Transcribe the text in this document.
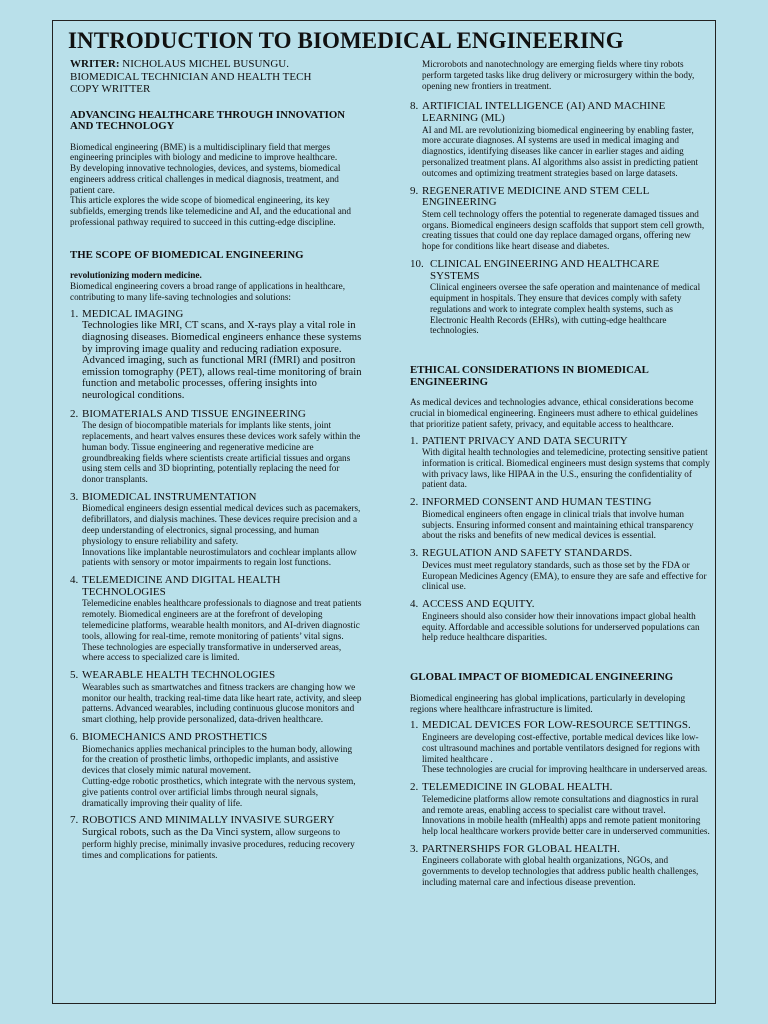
INTRODUCTION TO BIOMEDICAL ENGINEERING
WRITER: NICHOLAUS MICHEL BUSUNGU.
BIOMEDICAL TECHNICIAN AND HEALTH TECH
COPY WRITTER
ADVANCING HEALTHCARE THROUGH INNOVATION AND TECHNOLOGY

Biomedical engineering (BME) is a multidisciplinary field that merges engineering principles with biology and medicine to improve healthcare.

By developing innovative technologies, devices, and systems, biomedical engineers address critical challenges in medical diagnosis, treatment, and patient care.

This article explores the wide scope of biomedical engineering, its key subfields, emerging trends like telemedicine and AI, and the educational and professional pathway required to succeed in this cutting-edge discipline.

THE SCOPE OF BIOMEDICAL ENGINEERING

revolutionizing modern medicine.

Biomedical engineering covers a broad range of applications in healthcare, contributing to many life-saving technologies and solutions:

1. MEDICAL IMAGING
Technologies like MRI, CT scans, and X-rays play a vital role in diagnosing diseases. Biomedical engineers enhance these systems by improving image quality and reducing radiation exposure. Advanced imaging, such as functional MRI (fMRI) and positron emission tomography (PET), allows real-time monitoring of brain function and metabolic processes, offering insights into neurological conditions.
2. BIOMATERIALS AND TISSUE ENGINEERING
The design of biocompatible materials for implants like stents, joint replacements, and heart valves ensures these devices work safely within the human body. Tissue engineering and regenerative medicine are groundbreaking fields where scientists create artificial tissues and organs using stem cells and 3D bioprinting, potentially replacing the need for donor transplants.
3. BIOMEDICAL INSTRUMENTATION
Biomedical engineers design essential medical devices such as pacemakers, defibrillators, and dialysis machines. These devices require precision and a deep understanding of electronics, signal processing, and human physiology to ensure reliability and safety.
Innovations like implantable neurostimulators and cochlear implants allow patients with sensory or motor impairments to regain lost functions.
4. TELEMEDICINE AND DIGITAL HEALTH TECHNOLOGIES
Telemedicine enables healthcare professionals to diagnose and treat patients remotely. Biomedical engineers are at the forefront of developing telemedicine platforms, wearable health monitors, and AI-driven diagnostic tools, allowing for real-time, remote monitoring of patients’ vital signs. These technologies are especially transformative in underserved areas, where access to specialized care is limited.
5. WEARABLE HEALTH TECHNOLOGIES
Wearables such as smartwatches and fitness trackers are changing how we monitor our health, tracking real-time data like heart rate, activity, and sleep patterns. Advanced wearables, including continuous glucose monitors and smart clothing, help provide personalized, data-driven healthcare.
6. BIOMECHANICS AND PROSTHETICS
Biomechanics applies mechanical principles to the human body, allowing for the creation of prosthetic limbs, orthopedic implants, and assistive devices that closely mimic natural movement.
Cutting-edge robotic prosthetics, which integrate with the nervous system, give patients control over artificial limbs through neural signals, dramatically improving their quality of life.
7. ROBOTICS AND MINIMALLY INVASIVE SURGERY
Surgical robots, such as the Da Vinci system, allow surgeons to perform highly precise, minimally invasive procedures, reducing recovery times and complications for patients.

Microrobots and nanotechnology are emerging fields where tiny robots perform targeted tasks like drug delivery or microsurgery within the body, opening new frontiers in treatment.

8. ARTIFICIAL INTELLIGENCE (AI) AND MACHINE LEARNING (ML)
AI and ML are revolutionizing biomedical engineering by enabling faster, more accurate diagnoses. AI systems are used in medical imaging and diagnostics, identifying diseases like cancer in earlier stages and aiding personalized treatment plans. AI algorithms also assist in predicting patient outcomes and optimizing treatment strategies based on large datasets.
9. REGENERATIVE MEDICINE AND STEM CELL ENGINEERING
Stem cell technology offers the potential to regenerate damaged tissues and organs. Biomedical engineers design scaffolds that support stem cell growth, creating tissues that could one day replace damaged organs, offering new hope for conditions like heart disease and diabetes.
10. CLINICAL ENGINEERING AND HEALTHCARE SYSTEMS
Clinical engineers oversee the safe operation and maintenance of medical equipment in hospitals. They ensure that devices comply with safety regulations and work to integrate complex health systems, such as Electronic Health Records (EHRs), with cutting-edge healthcare technologies.
ETHICAL CONSIDERATIONS IN BIOMEDICAL ENGINEERING

As medical devices and technologies advance, ethical considerations become crucial in biomedical engineering. Engineers must adhere to ethical guidelines that prioritize patient safety, privacy, and equitable access to healthcare.

1. PATIENT PRIVACY AND DATA SECURITY
With digital health technologies and telemedicine, protecting sensitive patient information is critical. Biomedical engineers must design systems that comply with privacy laws, like HIPAA in the U.S., ensuring the confidentiality of patient data.
2. INFORMED CONSENT AND HUMAN TESTING
Biomedical engineers often engage in clinical trials that involve human subjects. Ensuring informed consent and maintaining ethical transparency about the risks and benefits of new medical devices is essential.
3. REGULATION AND SAFETY STANDARDS.
Devices must meet regulatory standards, such as those set by the FDA or European Medicines Agency (EMA), to ensure they are safe and effective for clinical use.
4. ACCESS AND EQUITY.
Engineers should also consider how their innovations impact global health equity. Affordable and accessible solutions for underserved populations can help reduce healthcare disparities.
GLOBAL IMPACT OF BIOMEDICAL ENGINEERING

Biomedical engineering has global implications, particularly in developing regions where healthcare infrastructure is limited.

1. MEDICAL DEVICES FOR LOW-RESOURCE SETTINGS.
Engineers are developing cost-effective, portable medical devices like low-cost ultrasound machines and portable ventilators designed for regions with limited healthcare .
These technologies are crucial for improving healthcare in underserved areas.
2. TELEMEDICINE IN GLOBAL HEALTH.
Telemedicine platforms allow remote consultations and diagnostics in rural and remote areas, enabling access to specialist care without travel. Innovations in mobile health (mHealth) apps and remote patient monitoring help local healthcare workers provide better care in underserved communities.
3. PARTNERSHIPS FOR GLOBAL HEALTH.
Engineers collaborate with global health organizations, NGOs, and governments to develop technologies that address public health challenges, including maternal care and infectious disease prevention.
